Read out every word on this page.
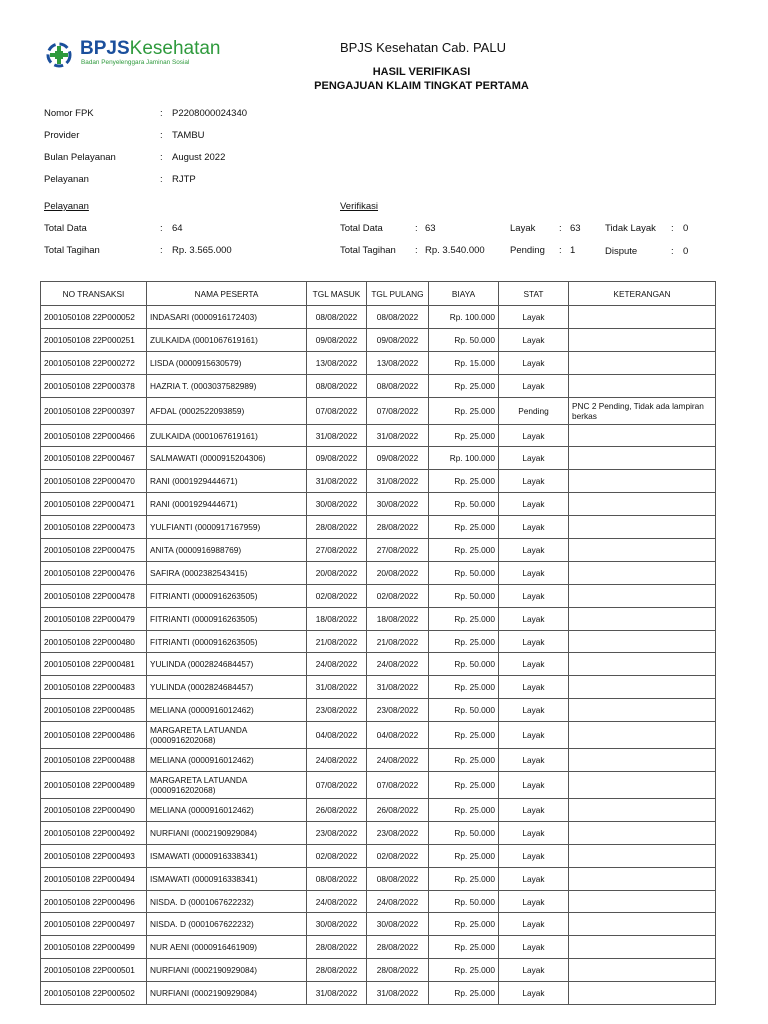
BPJSKesehatan
Badan Penyelenggara Jaminan Sosial
BPJS Kesehatan Cab. PALU
HASIL VERIFIKASI
PENGAJUAN KLAIM TINGKAT PERTAMA
Nomor FPK	: P2208000024340
Provider	: TAMBU
Bulan Pelayanan	: August 2022
Pelayanan	: RJTP
Pelayanan
Total Data	: 64
Total Tagihan	: Rp. 3.565.000
Verifikasi
Total Data	: 63
Total Tagihan : Rp. 3.540.000
Layak : 63
Pending : 1
Tidak Layak : 0
Dispute	: 0
NO TRANSAKSI	NAMA PESERTA	TGL MASUK	TGL PULANG	BIAYA	STAT	KETERANGAN
2001050108 22P000052	INDASARI (0000916172403)	08/08/2022	08/08/2022	Rp. 100.000	Layak	
2001050108 22P000251	ZULKAIDA (0001067619161)	09/08/2022	09/08/2022	Rp. 50.000	Layak	
2001050108 22P000272	LISDA (0000915630579)	13/08/2022	13/08/2022	Rp. 15.000	Layak	
2001050108 22P000378	HAZRIA T. (0003037582989)	08/08/2022	08/08/2022	Rp. 25.000	Layak	
2001050108 22P000397	AFDAL (0002522093859)	07/08/2022	07/08/2022	Rp. 25.000	Pending	PNC 2 Pending, Tidak ada lampiran berkas
2001050108 22P000466	ZULKAIDA (0001067619161)	31/08/2022	31/08/2022	Rp. 25.000	Layak	
2001050108 22P000467	SALMAWATI (0000915204306)	09/08/2022	09/08/2022	Rp. 100.000	Layak	
2001050108 22P000470	RANI (0001929444671)	31/08/2022	31/08/2022	Rp. 25.000	Layak	
2001050108 22P000471	RANI (0001929444671)	30/08/2022	30/08/2022	Rp. 50.000	Layak	
2001050108 22P000473	YULFIANTI (0000917167959)	28/08/2022	28/08/2022	Rp. 25.000	Layak	
2001050108 22P000475	ANITA (0000916988769)	27/08/2022	27/08/2022	Rp. 25.000	Layak	
2001050108 22P000476	SAFIRA (0002382543415)	20/08/2022	20/08/2022	Rp. 50.000	Layak	
2001050108 22P000478	FITRIANTI (0000916263505)	02/08/2022	02/08/2022	Rp. 50.000	Layak	
2001050108 22P000479	FITRIANTI (0000916263505)	18/08/2022	18/08/2022	Rp. 25.000	Layak	
2001050108 22P000480	FITRIANTI (0000916263505)	21/08/2022	21/08/2022	Rp. 25.000	Layak	
2001050108 22P000481	YULINDA (0002824684457)	24/08/2022	24/08/2022	Rp. 50.000	Layak	
2001050108 22P000483	YULINDA (0002824684457)	31/08/2022	31/08/2022	Rp. 25.000	Layak	
2001050108 22P000485	MELIANA (0000916012462)	23/08/2022	23/08/2022	Rp. 50.000	Layak	
2001050108 22P000486	MARGARETA LATUANDA (0000916202068)	04/08/2022	04/08/2022	Rp. 25.000	Layak	
2001050108 22P000488	MELIANA (0000916012462)	24/08/2022	24/08/2022	Rp. 25.000	Layak	
2001050108 22P000489	MARGARETA LATUANDA (0000916202068)	07/08/2022	07/08/2022	Rp. 25.000	Layak	
2001050108 22P000490	MELIANA (0000916012462)	26/08/2022	26/08/2022	Rp. 25.000	Layak	
2001050108 22P000492	NURFIANI (0002190929084)	23/08/2022	23/08/2022	Rp. 50.000	Layak	
2001050108 22P000493	ISMAWATI (0000916338341)	02/08/2022	02/08/2022	Rp. 25.000	Layak	
2001050108 22P000494	ISMAWATI (0000916338341)	08/08/2022	08/08/2022	Rp. 25.000	Layak	
2001050108 22P000496	NISDA. D (0001067622232)	24/08/2022	24/08/2022	Rp. 50.000	Layak	
2001050108 22P000497	NISDA. D (0001067622232)	30/08/2022	30/08/2022	Rp. 25.000	Layak	
2001050108 22P000499	NUR AENI (0000916461909)	28/08/2022	28/08/2022	Rp. 25.000	Layak	
2001050108 22P000501	NURFIANI (0002190929084)	28/08/2022	28/08/2022	Rp. 25.000	Layak	
2001050108 22P000502	NURFIANI (0002190929084)	31/08/2022	31/08/2022	Rp. 25.000	Layak	
